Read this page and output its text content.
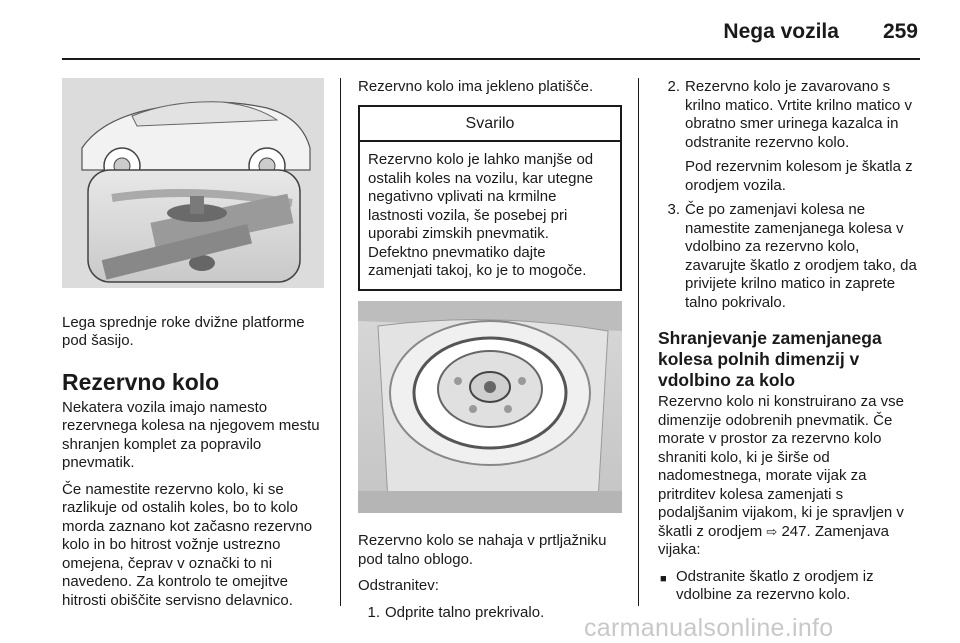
Nega vozila 259

Lega sprednje roke dvižne platforme pod šasijo.

Rezervno kolo

Nekatera vozila imajo namesto rezervnega kolesa na njegovem mestu shranjen komplet za popravilo pnevmatik.

Če namestite rezervno kolo, ki se razlikuje od ostalih koles, bo to kolo morda zaznano kot začasno rezervno kolo in bo hitrost vožnje ustrezno omejena, čeprav v označki to ni navedeno. Za kontrolo te omejitve hitrosti obiščite servisno delavnico.

Rezervno kolo ima jekleno platišče.

Svarilo
Rezervno kolo je lahko manjše od ostalih koles na vozilu, kar utegne negativno vplivati na krmilne lastnosti vozila, še posebej pri uporabi zimskih pnevmatik. Defektno pnevmatiko dajte zamenjati takoj, ko je to mogoče.

Rezervno kolo se nahaja v prtljažniku pod talno oblogo.

Odstranitev:

1. Odprite talno prekrivalo.
2. Rezervno kolo je zavarovano s krilno matico. Vrtite krilno matico v obratno smer urinega kazalca in odstranite rezervno kolo.

Pod rezervnim kolesom je škatla z orodjem vozila.

3. Če po zamenjavi kolesa ne namestite zamenjanega kolesa v vdolbino za rezervno kolo, zavarujte škatlo z orodjem tako, da privijete krilno matico in zaprete talno pokrivalo.
Shranjevanje zamenjanega kolesa polnih dimenzij v vdolbino za kolo

Rezervno kolo ni konstruirano za vse dimenzije odobrenih pnevmatik. Če morate v prostor za rezervno kolo shraniti kolo, ki je širše od nadomestnega, morate vijak za pritrditev kolesa zamenjati s podaljšanim vijakom, ki je spravljen v škatli z orodjem ⇨ 247. Zamenjava vijaka:

■ Odstranite škatlo z orodjem iz vdolbine za rezervno kolo.
carmanualsonline.info
